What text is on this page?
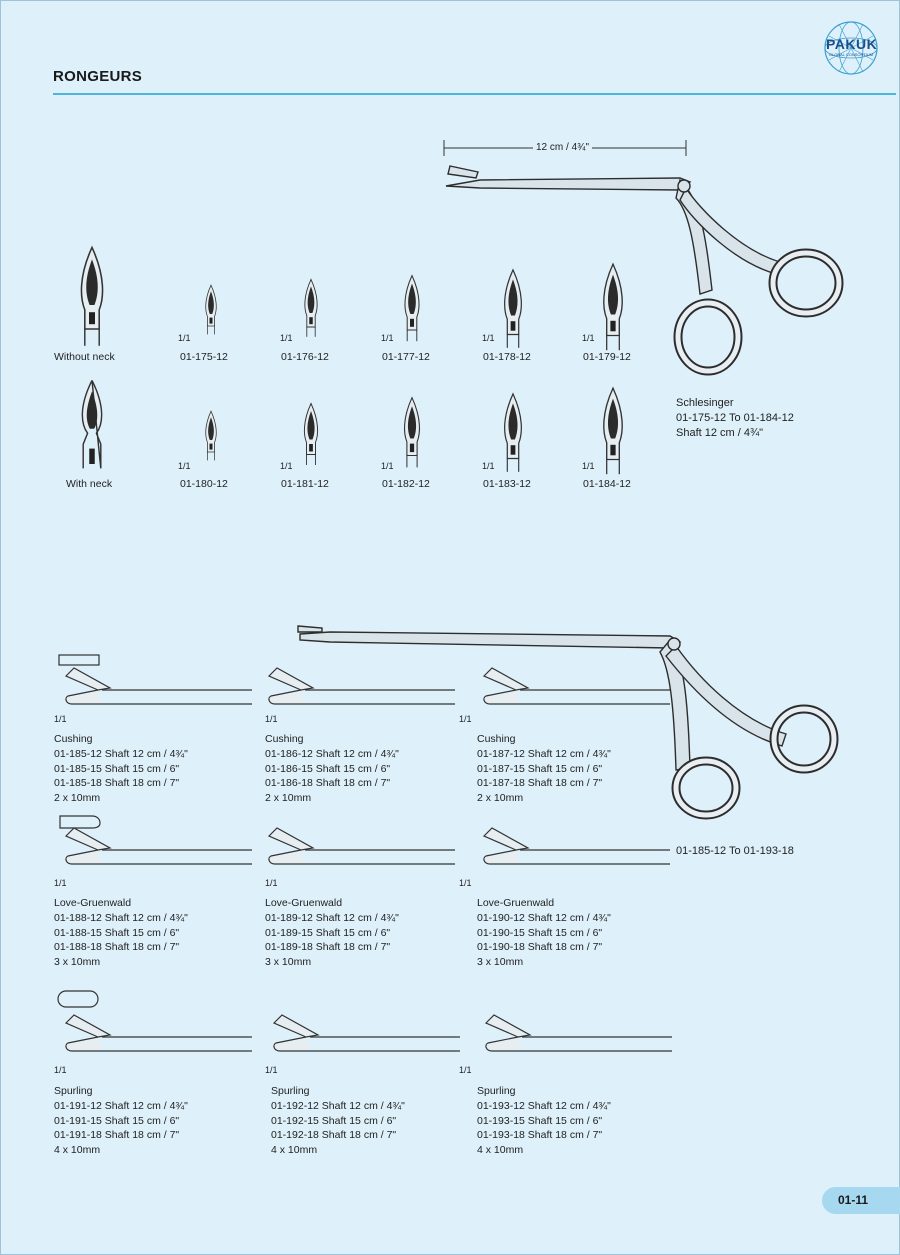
RONGEURS
PAKUK
GLOBAL CONSORTIUM
Without neck
With neck
1/1	1/1	1/1	1/1	1/1
01-175-12	01-176-12	01-177-12	01-178-12	01-179-12
1/1	1/1	1/1	1/1	1/1
01-180-12	01-181-12	01-182-12	01-183-12	01-184-12
12 cm / 4¾"
Schlesinger
01-175-12 To 01-184-12
Shaft 12 cm / 4¾"
01-185-12 To 01-193-18
1/1	1/1	1/1
1/1	1/1	1/1
1/1	1/1	1/1
Cushing
01-185-12 Shaft 12 cm / 4¾"
01-185-15 Shaft 15 cm / 6"
01-185-18 Shaft 18 cm / 7"
2 x 10mm
Cushing
01-186-12 Shaft 12 cm / 4¾"
01-186-15 Shaft 15 cm / 6"
01-186-18 Shaft 18 cm / 7"
2 x 10mm
Cushing
01-187-12 Shaft 12 cm / 4¾"
01-187-15 Shaft 15 cm / 6"
01-187-18 Shaft 18 cm / 7"
2 x 10mm
Love-Gruenwald
01-188-12 Shaft 12 cm / 4¾"
01-188-15 Shaft 15 cm / 6"
01-188-18 Shaft 18 cm / 7"
3 x 10mm
Love-Gruenwald
01-189-12 Shaft 12 cm / 4¾"
01-189-15 Shaft 15 cm / 6"
01-189-18 Shaft 18 cm / 7"
3 x 10mm
Love-Gruenwald
01-190-12 Shaft 12 cm / 4¾"
01-190-15 Shaft 15 cm / 6"
01-190-18 Shaft 18 cm / 7"
3 x 10mm
Spurling
01-191-12 Shaft 12 cm / 4¾"
01-191-15 Shaft 15 cm / 6"
01-191-18 Shaft 18 cm / 7"
4 x 10mm
Spurling
01-192-12 Shaft 12 cm / 4¾"
01-192-15 Shaft 15 cm / 6"
01-192-18 Shaft 18 cm / 7"
4 x 10mm
Spurling
01-193-12 Shaft 12 cm / 4¾"
01-193-15 Shaft 15 cm / 6"
01-193-18 Shaft 18 cm / 7"
4 x 10mm
01-11
